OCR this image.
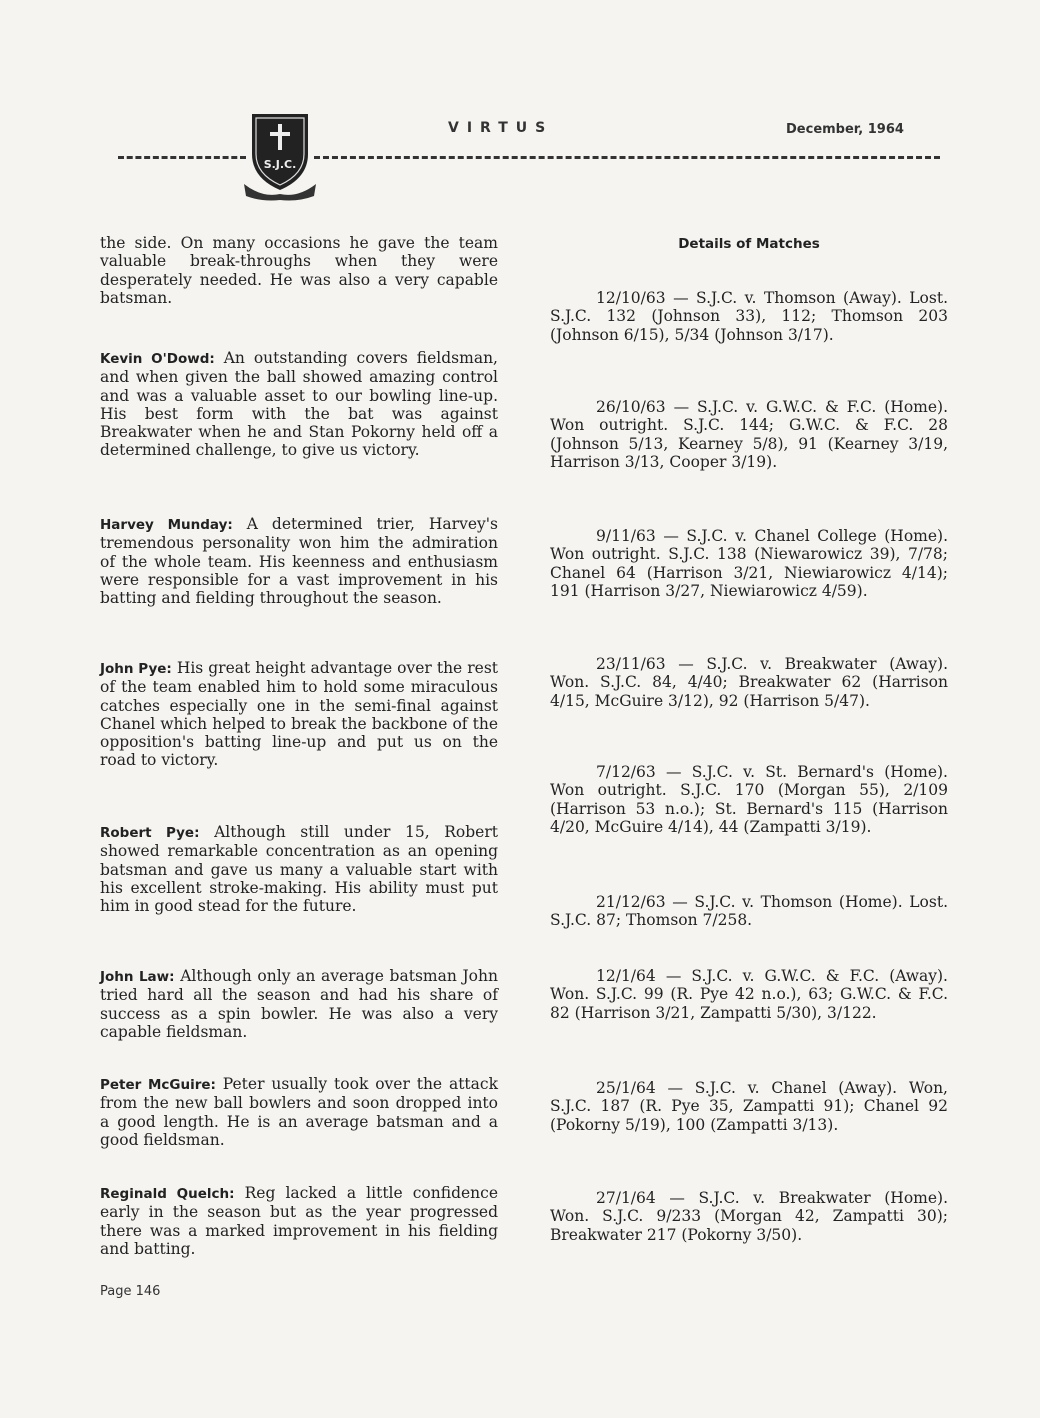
S.J.C.
VIRTUS	December, 1964

the side. On many occasions he gave the team valuable break-throughs when they were desperately needed. He was also a very capable batsman.

Kevin O'Dowd: An outstanding covers fieldsman, and when given the ball showed amazing control and was a valuable asset to our bowling line-up. His best form with the bat was against Breakwater when he and Stan Pokorny held off a determined challenge, to give us victory.

Harvey Munday: A determined trier, Harvey's tremendous personality won him the admiration of the whole team. His keenness and enthusiasm were responsible for a vast improvement in his batting and fielding throughout the season.

John Pye: His great height advantage over the rest of the team enabled him to hold some miraculous catches especially one in the semi-final against Chanel which helped to break the backbone of the opposition's batting line-up and put us on the road to victory.

Robert Pye: Although still under 15, Robert showed remarkable concentration as an opening batsman and gave us many a valuable start with his excellent stroke-making. His ability must put him in good stead for the future.

John Law: Although only an average batsman John tried hard all the season and had his share of success as a spin bowler. He was also a very capable fieldsman.

Peter McGuire: Peter usually took over the attack from the new ball bowlers and soon dropped into a good length. He is an average batsman and a good fieldsman.

Reginald Quelch: Reg lacked a little confidence early in the season but as the year progressed there was a marked improvement in his fielding and batting.

Details of Matches

12/10/63 — S.J.C. v. Thomson (Away). Lost. S.J.C. 132 (Johnson 33), 112; Thomson 203 (Johnson 6/15), 5/34 (Johnson 3/17).

26/10/63 — S.J.C. v. G.W.C. & F.C. (Home). Won outright. S.J.C. 144; G.W.C. & F.C. 28 (Johnson 5/13, Kearney 5/8), 91 (Kearney 3/19, Harrison 3/13, Cooper 3/19).

9/11/63 — S.J.C. v. Chanel College (Home). Won outright. S.J.C. 138 (Niewarowicz 39), 7/78; Chanel 64 (Harrison 3/21, Niewiarowicz 4/14); 191 (Harrison 3/27, Niewiarowicz 4/59).

23/11/63 — S.J.C. v. Breakwater (Away). Won. S.J.C. 84, 4/40; Breakwater 62 (Harrison 4/15, McGuire 3/12), 92 (Harrison 5/47).

7/12/63 — S.J.C. v. St. Bernard's (Home). Won outright. S.J.C. 170 (Morgan 55), 2/109 (Harrison 53 n.o.); St. Bernard's 115 (Harrison 4/20, McGuire 4/14), 44 (Zampatti 3/19).

21/12/63 — S.J.C. v. Thomson (Home). Lost. S.J.C. 87; Thomson 7/258.

12/1/64 — S.J.C. v. G.W.C. & F.C. (Away). Won. S.J.C. 99 (R. Pye 42 n.o.), 63; G.W.C. & F.C. 82 (Harrison 3/21, Zampatti 5/30), 3/122.

25/1/64 — S.J.C. v. Chanel (Away). Won, S.J.C. 187 (R. Pye 35, Zampatti 91); Chanel 92 (Pokorny 5/19), 100 (Zampatti 3/13).

27/1/64 — S.J.C. v. Breakwater (Home). Won. S.J.C. 9/233 (Morgan 42, Zampatti 30); Breakwater 217 (Pokorny 3/50).

Page 146
